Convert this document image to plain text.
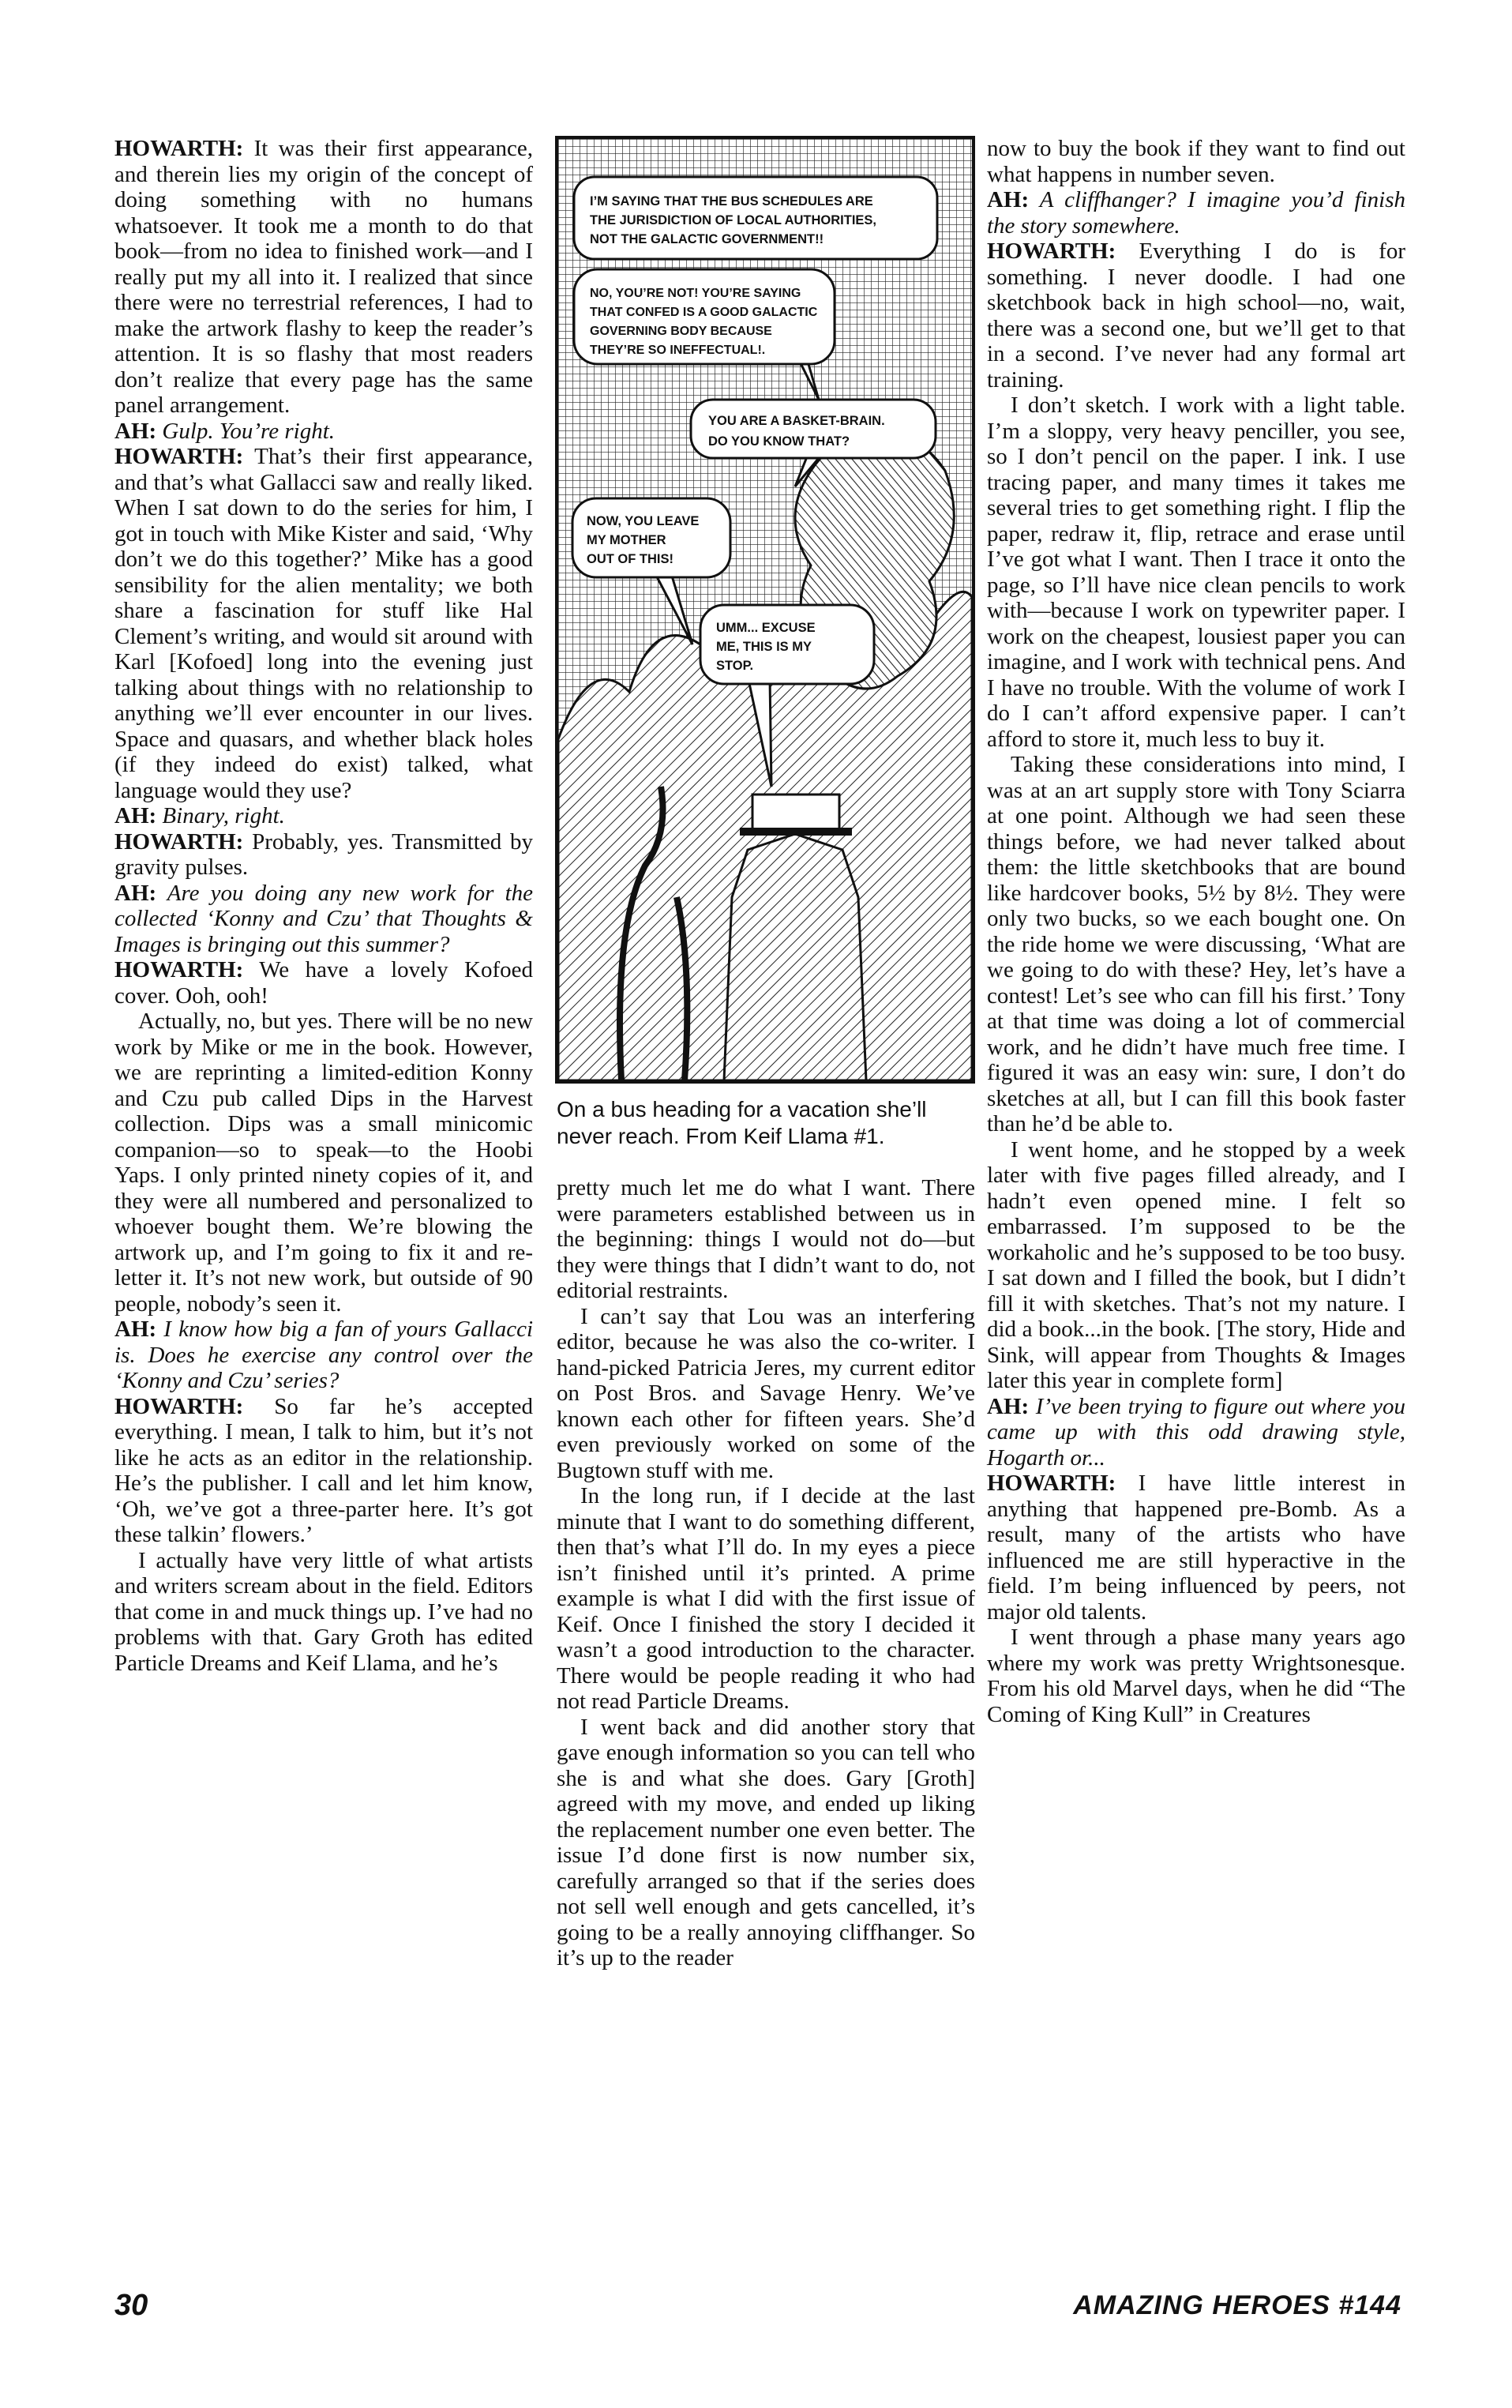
HOWARTH: It was their first appearance, and therein lies my origin of the concept of doing something with no humans whatsoever. It took me a month to do that book—from no idea to finished work—and I really put my all into it. I realized that since there were no terrestrial references, I had to make the artwork flashy to keep the reader’s attention. It is so flashy that most readers don’t realize that every page has the same panel arrangement.

AH: Gulp. You’re right.

HOWARTH: That’s their first appearance, and that’s what Gallacci saw and really liked. When I sat down to do the series for him, I got in touch with Mike Kister and said, ‘Why don’t we do this together?’ Mike has a good sensibility for the alien mentality; we both share a fascination for stuff like Hal Clement’s writing, and would sit around with Karl [Kofoed] long into the evening just talking about things with no relationship to anything we’ll ever encounter in our lives. Space and quasars, and whether black holes (if they indeed do exist) talked, what language would they use?

AH: Binary, right.

HOWARTH: Probably, yes. Transmitted by gravity pulses.

AH: Are you doing any new work for the collected ‘Konny and Czu’ that Thoughts & Images is bringing out this summer?

HOWARTH: We have a lovely Kofoed cover. Ooh, ooh!

Actually, no, but yes. There will be no new work by Mike or me in the book. However, we are reprinting a limited-edition Konny and Czu pub called Dips in the Harvest collection. Dips was a small minicomic companion—so to speak—to the Hoobi Yaps. I only printed ninety copies of it, and they were all numbered and personalized to whoever bought them. We’re blowing the artwork up, and I’m going to fix it and re-letter it. It’s not new work, but outside of 90 people, nobody’s seen it.

AH: I know how big a fan of yours Gallacci is. Does he exercise any control over the ‘Konny and Czu’ series?

HOWARTH: So far he’s accepted everything. I mean, I talk to him, but it’s not like he acts as an editor in the relationship. He’s the publisher. I call and let him know, ‘Oh, we’ve got a three-parter here. It’s got these talkin’ flowers.’

I actually have very little of what artists and writers scream about in the field. Editors that come in and muck things up. I’ve had no problems with that. Gary Groth has edited Particle Dreams and Keif Llama, and he’s

I’M SAYING THAT THE BUS SCHEDULES ARE
THE JURISDICTION OF LOCAL AUTHORITIES,
NOT THE GALACTIC GOVERNMENT!!
NO, YOU’RE NOT! YOU’RE SAYING
THAT CONFED IS A GOOD GALACTIC
GOVERNING BODY BECAUSE
THEY’RE SO INEFFECTUAL!.
YOU ARE A BASKET-BRAIN.
DO YOU KNOW THAT?
NOW, YOU LEAVE
MY MOTHER
OUT OF THIS!
UMM... EXCUSE
ME, THIS IS MY
STOP.
On a bus heading for a vacation she’ll never reach. From Keif Llama #1.

pretty much let me do what I want. There were parameters established between us in the beginning: things I would not do—but they were things that I didn’t want to do, not editorial restraints.

I can’t say that Lou was an interfering editor, because he was also the co-writer. I hand-picked Patricia Jeres, my current editor on Post Bros. and Savage Henry. We’ve known each other for fifteen years. She’d even previously worked on some of the Bugtown stuff with me.

In the long run, if I decide at the last minute that I want to do something different, then that’s what I’ll do. In my eyes a piece isn’t finished until it’s printed. A prime example is what I did with the first issue of Keif. Once I finished the story I decided it wasn’t a good introduction to the character. There would be people reading it who had not read Particle Dreams.

I went back and did another story that gave enough information so you can tell who she is and what she does. Gary [Groth] agreed with my move, and ended up liking the replacement number one even better. The issue I’d done first is now number six, carefully arranged so that if the series does not sell well enough and gets cancelled, it’s going to be a really annoying cliffhanger. So it’s up to the reader

now to buy the book if they want to find out what happens in number seven.

AH: A cliffhanger? I imagine you’d finish the story somewhere.

HOWARTH: Everything I do is for something. I never doodle. I had one sketchbook back in high school—no, wait, there was a second one, but we’ll get to that in a second. I’ve never had any formal art training.

I don’t sketch. I work with a light table. I’m a sloppy, very heavy penciller, you see, so I don’t pencil on the paper. I ink. I use tracing paper, and many times it takes me several tries to get something right. I flip the paper, redraw it, flip, retrace and erase until I’ve got what I want. Then I trace it onto the page, so I’ll have nice clean pencils to work with—because I work on typewriter paper. I work on the cheapest, lousiest paper you can imagine, and I work with technical pens. And I have no trouble. With the volume of work I do I can’t afford expensive paper. I can’t afford to store it, much less to buy it.

Taking these considerations into mind, I was at an art supply store with Tony Sciarra at one point. Although we had seen these things before, we had never talked about them: the little sketchbooks that are bound like hardcover books, 5½ by 8½. They were only two bucks, so we each bought one. On the ride home we were discussing, ‘What are we going to do with these? Hey, let’s have a contest! Let’s see who can fill his first.’ Tony at that time was doing a lot of commercial work, and he didn’t have much free time. I figured it was an easy win: sure, I don’t do sketches at all, but I can fill this book faster than he’d be able to.

I went home, and he stopped by a week later with five pages filled already, and I hadn’t even opened mine. I felt so embarrassed. I’m supposed to be the workaholic and he’s supposed to be too busy. I sat down and I filled the book, but I didn’t fill it with sketches. That’s not my nature. I did a book...in the book. [The story, Hide and Sink, will appear from Thoughts & Images later this year in complete form]

AH: I’ve been trying to figure out where you came up with this odd drawing style, Hogarth or...

HOWARTH: I have little interest in anything that happened pre-Bomb. As a result, many of the artists who have influenced me are still hyperactive in the field. I’m being influenced by peers, not major old talents.

I went through a phase many years ago where my work was pretty Wrightsonesque. From his old Marvel days, when he did “The Coming of King Kull” in Creatures

30	AMAZING HEROES #144
